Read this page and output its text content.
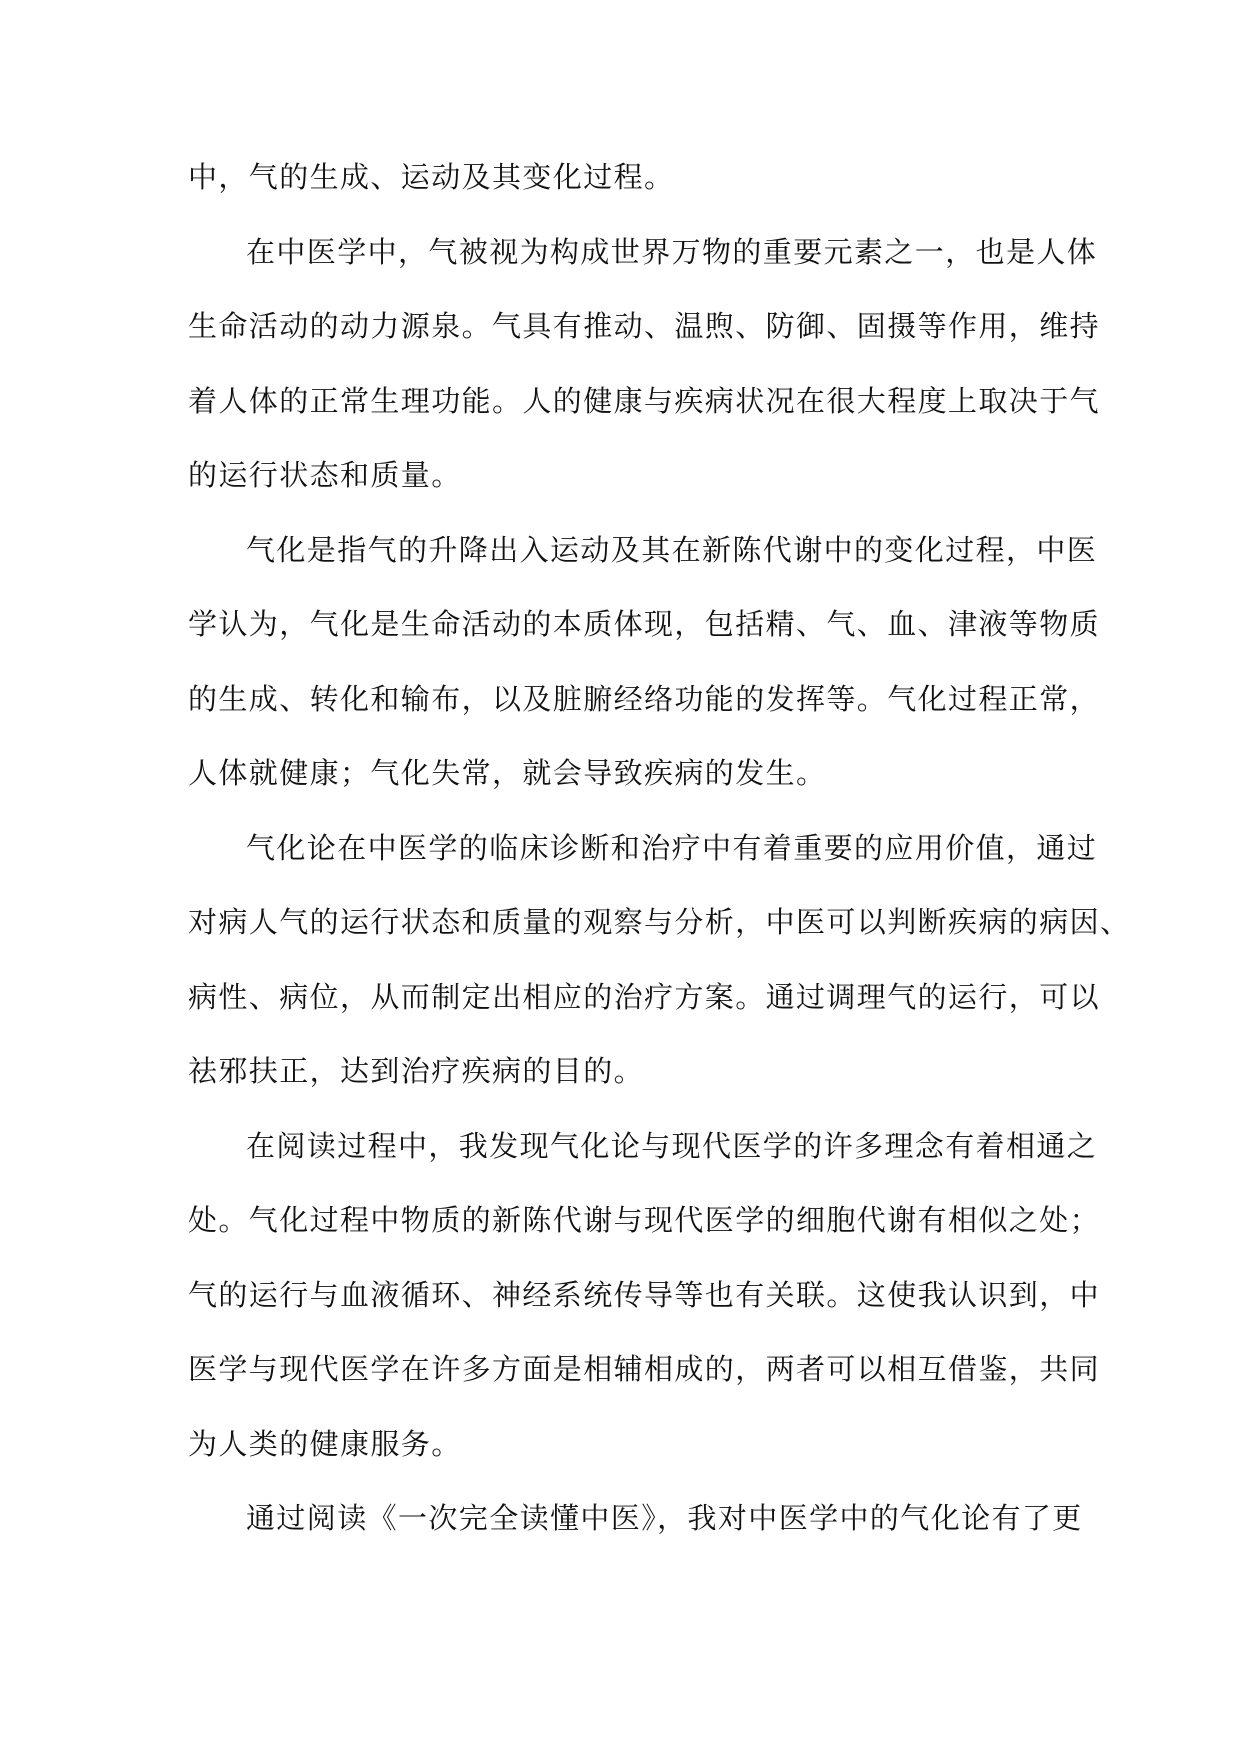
中，气的生成、运动及其变化过程。
在中医学中，气被视为构成世界万物的重要元素之一，也是人体
生命活动的动力源泉。气具有推动、温煦、防御、固摄等作用，维持
着人体的正常生理功能。人的健康与疾病状况在很大程度上取决于气
的运行状态和质量。
气化是指气的升降出入运动及其在新陈代谢中的变化过程，中医
学认为，气化是生命活动的本质体现，包括精、气、血、津液等物质
的生成、转化和输布，以及脏腑经络功能的发挥等。气化过程正常，
人体就健康；气化失常，就会导致疾病的发生。
气化论在中医学的临床诊断和治疗中有着重要的应用价值，通过
对病人气的运行状态和质量的观察与分析，中医可以判断疾病的病因、
病性、病位，从而制定出相应的治疗方案。通过调理气的运行，可以
祛邪扶正，达到治疗疾病的目的。
在阅读过程中，我发现气化论与现代医学的许多理念有着相通之
处。气化过程中物质的新陈代谢与现代医学的细胞代谢有相似之处；
气的运行与血液循环、神经系统传导等也有关联。这使我认识到，中
医学与现代医学在许多方面是相辅相成的，两者可以相互借鉴，共同
为人类的健康服务。
通过阅读《一次完全读懂中医》，我对中医学中的气化论有了更
